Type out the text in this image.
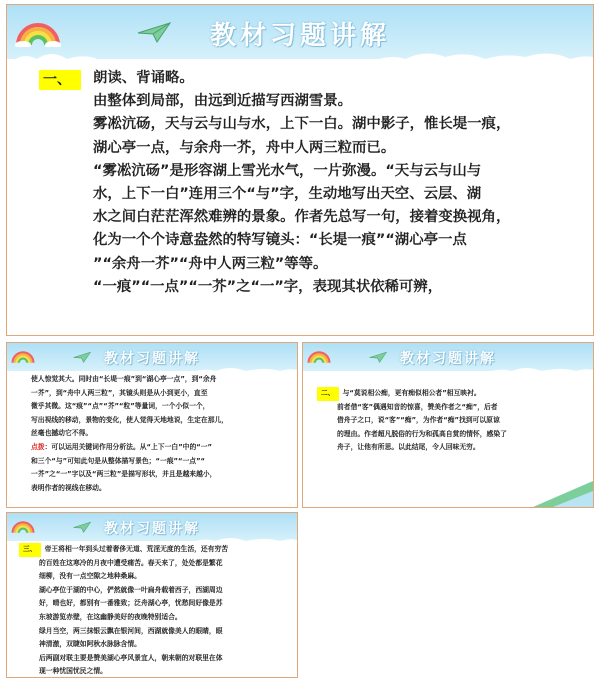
教材习题讲解
一、	朗读、背诵略。

由整体到局部，由远到近描写西湖雪景。

雾凇沆砀，天与云与山与水，上下一白。湖中影子，惟长堤一痕，

湖心亭一点，与余舟一芥，舟中人两三粒而已。

“雾凇沆砀”是形容湖上雪光水气，一片弥漫。“天与云与山与

水，上下一白”连用三个“与”字，生动地写出天空、云层、湖

水之间白茫茫浑然难辨的景象。作者先总写一句，接着变换视角，

化为一个个诗意盎然的特写镜头：“长堤一痕”“湖心亭一点

”“余舟一芥”“舟中人两三粒”等等。

“一痕”“一点”“一芥”之“一”字，表现其状依稀可辨，

教材习题讲解

使人惊觉其大。同时由“长堤一痕”到“湖心亭一点”，到“余舟

一芥”，到“舟中人两三粒”，其镜头则是从小到更小，直至

微乎其微。这“痕”“点”“芥”“粒”等量词，一个小似一个，

写出视线的移动，景物的变化，使人觉得天地地说，生定在那儿，

丝毫也撼动它不得。

点拨：可以运用关键词作用分析法。从“上下一白”中的“一”

和三个“与”可知此句是从整体描写景色；“一痕”“一点”“

一芥”之“一”字以及“两三粒”是描写形状，并且是越来越小，

表明作者的视线在移动。

教材习题讲解

二、 与“莫说相公痴，更有痴似相公者”相互映衬。

前者借“客”偶遇知音的惊喜，赞美作者之“痴”，后者

借舟子之口，说“客”“痴”，为作者“痴”找到可以原谅

的理由。作者超凡脱俗的行为和孤高自赏的情怀，感染了

舟子，让他有所思。以此结尾，令人回味无穷。

教材习题讲解

三、 帝王将相一年到头过着奢侈无道、荒淫无度的生活，还有穷苦

的百姓在这寒冷的月夜中遭受痛苦。春天来了，处处都是繁花

细柳，没有一点空隙之地种桑麻。

湖心亭位于湖的中心，俨然就像一叶扁舟载着西子，西湖周边

好，晴也好，都别有一番雅致；泛舟湖心亭，忧愁间好像是苏

东坡游览赤壁，在这幽静美好的夜晚特别适合。

绿月当空，两三抹银云飘在银河间，西湖就像美人的眼睛，眼

神清澈，双睫如阿秋水脉脉含情。

后两副对联主要是赞美湖心亭风景宜人，朝来朝的对联里在体

现一种忧国忧民之情。
